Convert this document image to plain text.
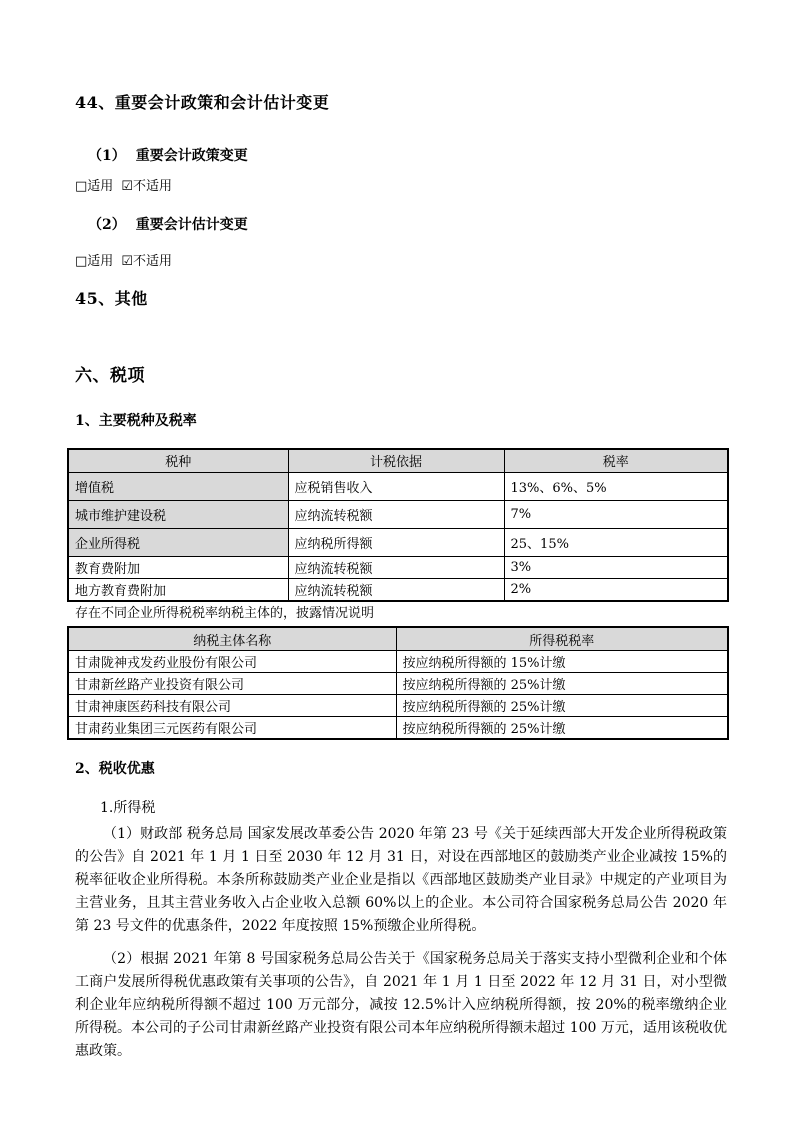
44、重要会计政策和会计估计变更
（1） 重要会计政策变更

□适用 ☑不适用

（2） 重要会计估计变更

□适用 ☑不适用

45、其他
六、税项
1、主要税种及税率
税种	计税依据	税率
增值税	应税销售收入	13%、6%、5%
城市维护建设税	应纳流转税额	7%
企业所得税	应纳税所得额	25、15%
教育费附加	应纳流转税额	3%
地方教育费附加	应纳流转税额	2%

存在不同企业所得税税率纳税主体的，披露情况说明

纳税主体名称	所得税税率
甘肃陇神戎发药业股份有限公司	按应纳税所得额的 15%计缴
甘肃新丝路产业投资有限公司	按应纳税所得额的 25%计缴
甘肃神康医药科技有限公司	按应纳税所得额的 25%计缴
甘肃药业集团三元医药有限公司	按应纳税所得额的 25%计缴
2、税收优惠

1.所得税

（1）财政部 税务总局 国家发展改革委公告 2020 年第 23 号《关于延续西部大开发企业所得税政策的公告》自 2021 年 1 月 1 日至 2030 年 12 月 31 日，对设在西部地区的鼓励类产业企业减按 15%的税率征收企业所得税。本条所称鼓励类产业企业是指以《西部地区鼓励类产业目录》中规定的产业项目为主营业务，且其主营业务收入占企业收入总额 60%以上的企业。本公司符合国家税务总局公告 2020 年第 23 号文件的优惠条件，2022 年度按照 15%预缴企业所得税。

（2）根据 2021 年第 8 号国家税务总局公告关于《国家税务总局关于落实支持小型微利企业和个体工商户发展所得税优惠政策有关事项的公告》，自 2021 年 1 月 1 日至 2022 年 12 月 31 日，对小型微利企业年应纳税所得额不超过 100 万元部分，减按 12.5%计入应纳税所得额，按 20%的税率缴纳企业所得税。本公司的子公司甘肃新丝路产业投资有限公司本年应纳税所得额未超过 100 万元，适用该税收优惠政策。
